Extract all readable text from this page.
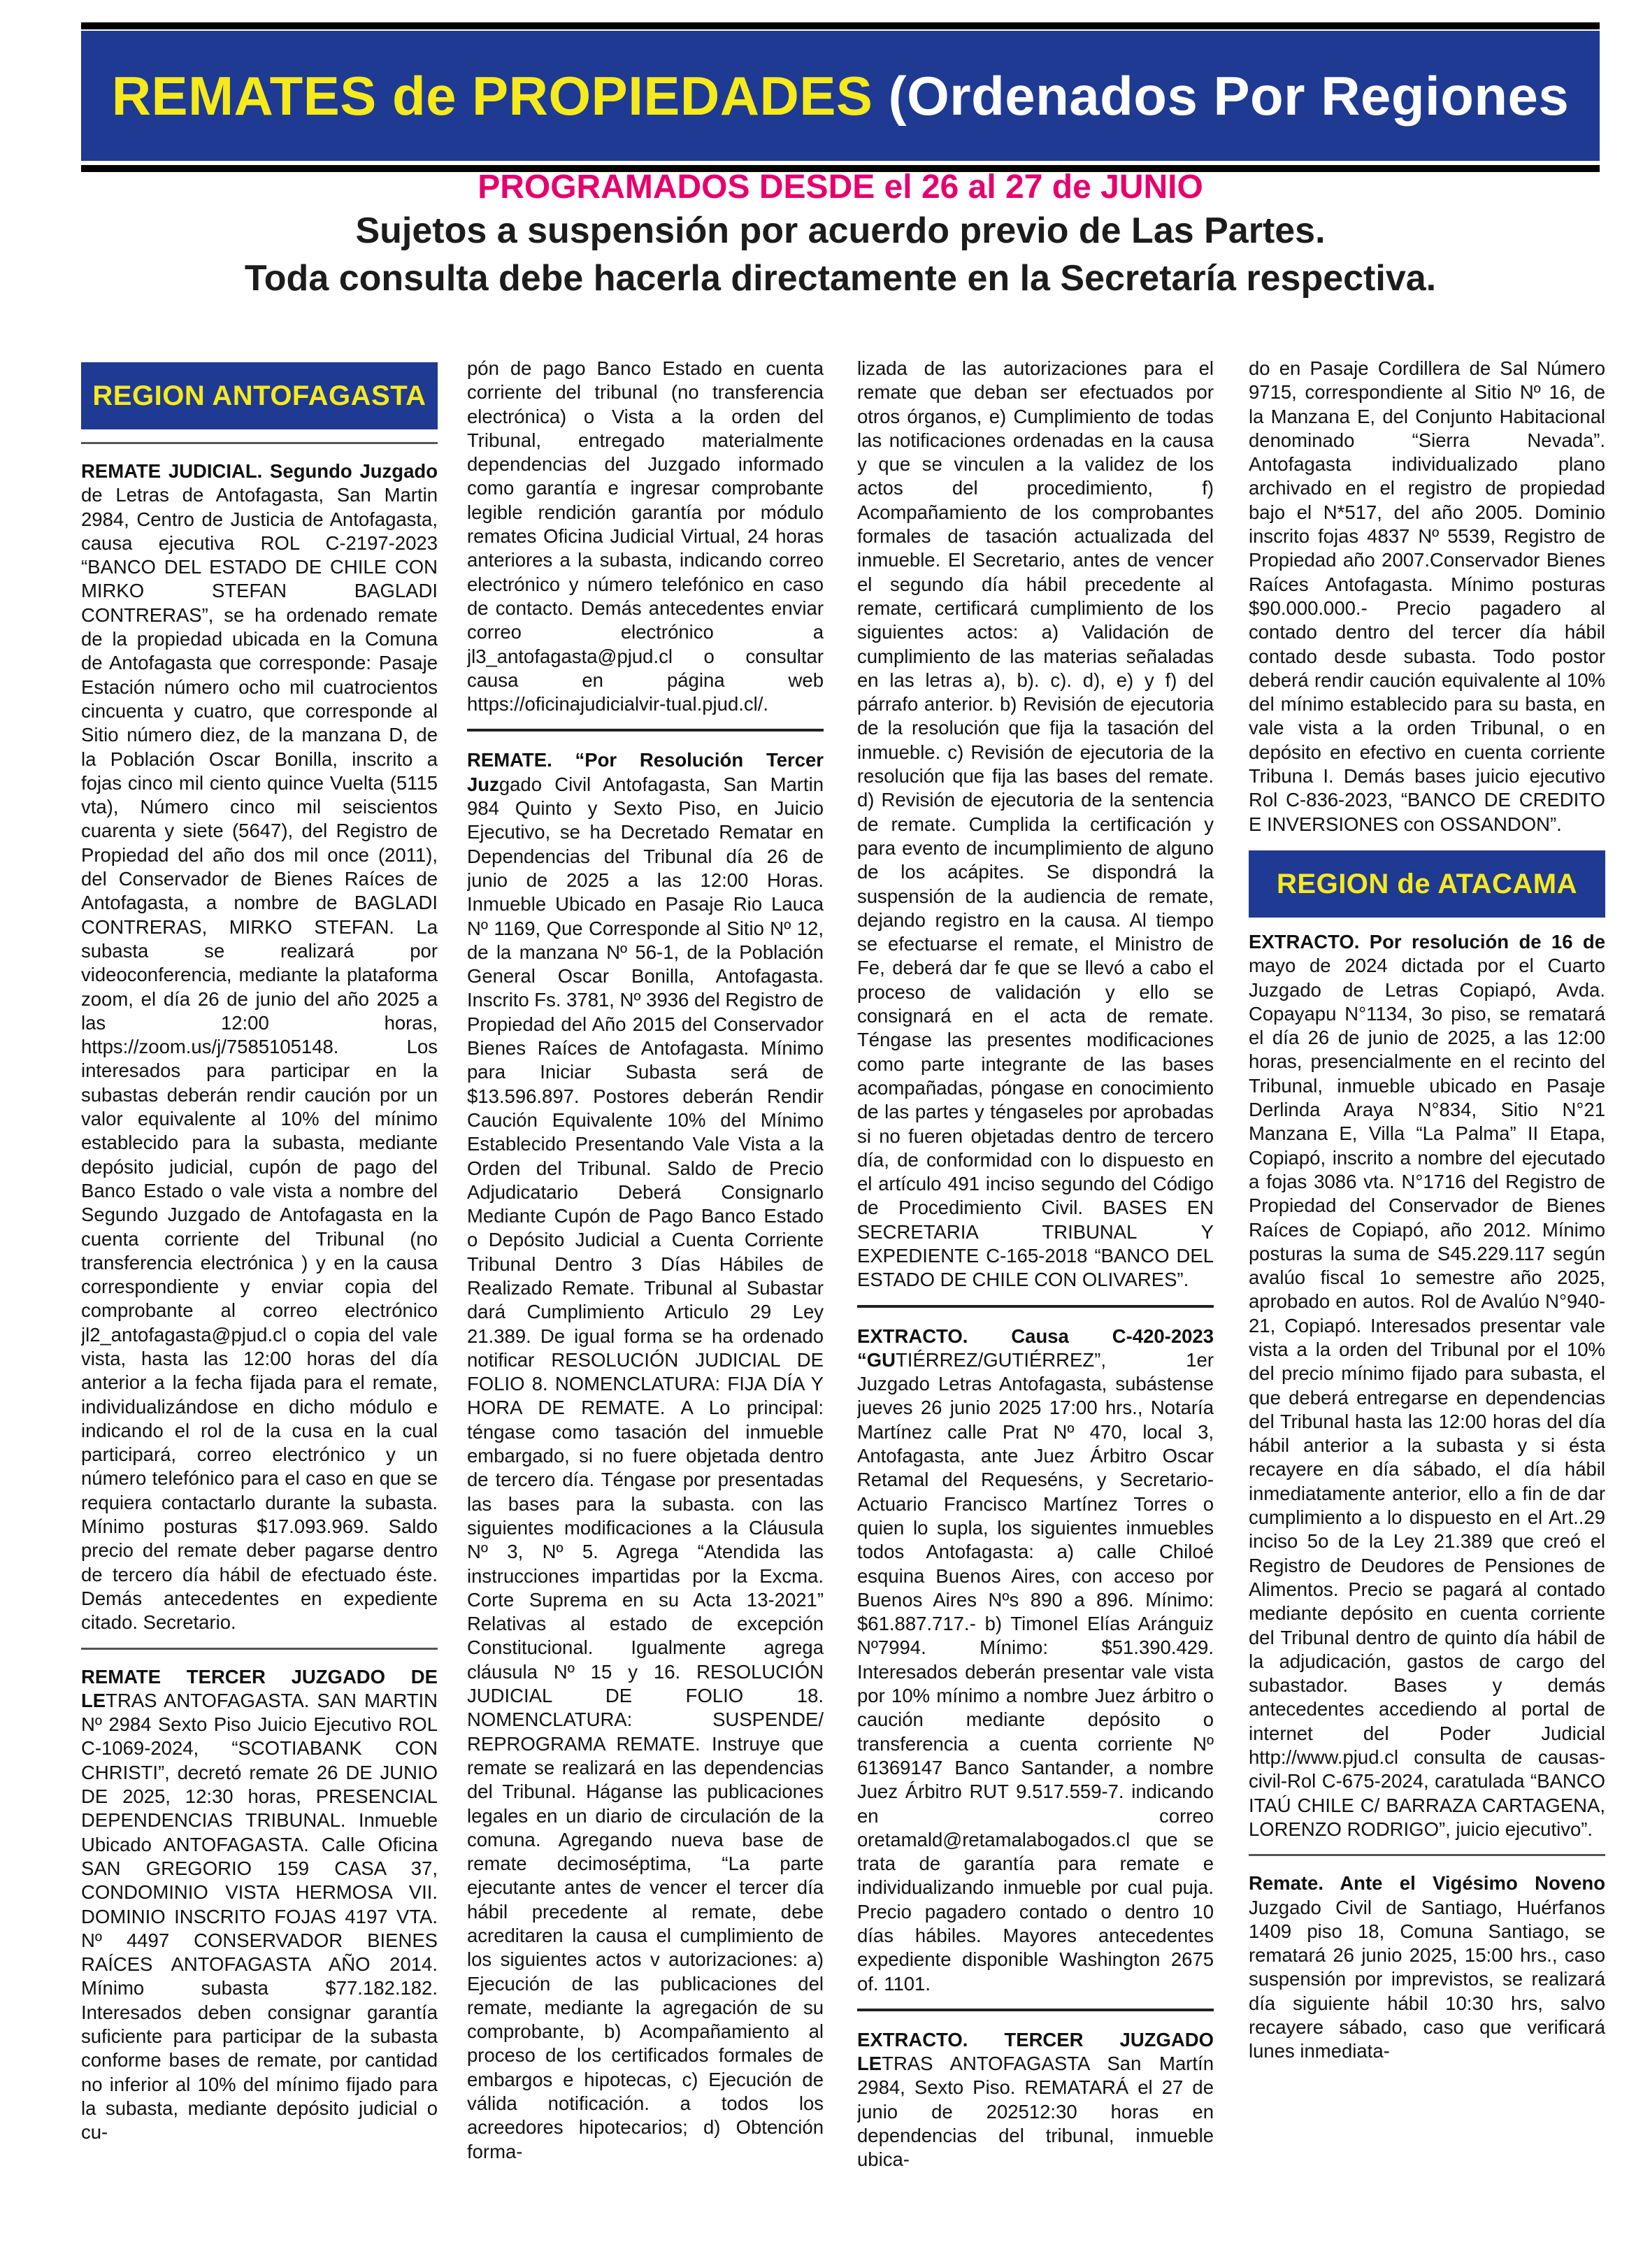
REMATES de PROPIEDADES (Ordenados Por Regiones
PROGRAMADOS DESDE el 26 al 27 de JUNIO
Sujetos a suspensión por acuerdo previo de Las Partes.
Toda consulta debe hacerla directamente en la Secretaría respectiva.
REGION ANTOFAGASTA

REMATE JUDICIAL. Segundo Juzgado de Letras de Antofagasta, San Martin 2984, Centro de Justicia de Antofagasta, causa ejecutiva ROL C-2197-2023 “BANCO DEL ESTADO DE CHILE CON MIRKO STEFAN BAGLADI CONTRERAS”, se ha ordenado remate de la propiedad ubicada en la Comuna de Antofagasta que corresponde: Pasaje Estación número ocho mil cuatrocientos cincuenta y cuatro, que corresponde al Sitio número diez, de la manzana D, de la Población Oscar Bonilla, inscrito a fojas cinco mil ciento quince Vuelta (5115 vta), Número cinco mil seiscientos cuarenta y siete (5647), del Registro de Propiedad del año dos mil once (2011), del Conservador de Bienes Raíces de Antofagasta, a nombre de BAGLADI CONTRERAS, MIRKO STEFAN. La subasta se realizará por videoconferencia, mediante la plataforma zoom, el día 26 de junio del año 2025 a las 12:00 horas, https://zoom.us/j/7585105148. Los interesados para participar en la subastas deberán rendir caución por un valor equivalente al 10% del mínimo establecido para la subasta, mediante depósito judicial, cupón de pago del Banco Estado o vale vista a nombre del Segundo Juzgado de Antofagasta en la cuenta corriente del Tribunal (no transferencia electrónica ) y en la causa correspondiente y enviar copia del comprobante al correo electrónico jl2_antofagasta@pjud.cl o copia del vale vista, hasta las 12:00 horas del día anterior a la fecha fijada para el remate, individualizándose en dicho módulo e indicando el rol de la cusa en la cual participará, correo electrónico y un número telefónico para el caso en que se requiera contactarlo durante la subasta. Mínimo posturas $17.093.969. Saldo precio del remate deber pagarse dentro de tercero día hábil de efectuado éste. Demás antecedentes en expediente citado. Secretario.

REMATE TERCER JUZGADO DE LETRAS ANTOFAGASTA. SAN MARTIN Nº 2984 Sexto Piso Juicio Ejecutivo ROL C-1069-2024, “SCOTIABANK CON CHRISTI”, decretó remate 26 DE JUNIO DE 2025, 12:30 horas, PRESENCIAL DEPENDENCIAS TRIBUNAL. Inmueble Ubicado ANTOFAGASTA. Calle Oficina SAN GREGORIO 159 CASA 37, CONDOMINIO VISTA HERMOSA VII. DOMINIO INSCRITO FOJAS 4197 VTA. Nº 4497 CONSERVADOR BIENES RAÍCES ANTOFAGASTA AÑO 2014. Mínimo subasta $77.182.182. Interesados deben consignar garantía suficiente para participar de la subasta conforme bases de remate, por cantidad no inferior al 10% del mínimo fijado para la subasta, mediante depósito judicial o cu-

pón de pago Banco Estado en cuenta corriente del tribunal (no transferencia electrónica) o Vista a la orden del Tribunal, entregado materialmente dependencias del Juzgado informado como garantía e ingresar comprobante legible rendición garantía por módulo remates Oficina Judicial Virtual, 24 horas anteriores a la subasta, indicando correo electrónico y número telefónico en caso de contacto. Demás antecedentes enviar correo electrónico a jl3_antofagasta@pjud.cl o consultar causa en página web https://oficinajudicialvir-tual.pjud.cl/.

REMATE. “Por Resolución Tercer Juzgado Civil Antofagasta, San Martin 984 Quinto y Sexto Piso, en Juicio Ejecutivo, se ha Decretado Rematar en Dependencias del Tribunal día 26 de junio de 2025 a las 12:00 Horas. Inmueble Ubicado en Pasaje Rio Lauca Nº 1169, Que Corresponde al Sitio Nº 12, de la manzana Nº 56-1, de la Población General Oscar Bonilla, Antofagasta. Inscrito Fs. 3781, Nº 3936 del Registro de Propiedad del Año 2015 del Conservador Bienes Raíces de Antofagasta. Mínimo para Iniciar Subasta será de $13.596.897. Postores deberán Rendir Caución Equivalente 10% del Mínimo Establecido Presentando Vale Vista a la Orden del Tribunal. Saldo de Precio Adjudicatario Deberá Consignarlo Mediante Cupón de Pago Banco Estado o Depósito Judicial a Cuenta Corriente Tribunal Dentro 3 Días Hábiles de Realizado Remate. Tribunal al Subastar dará Cumplimiento Articulo 29 Ley 21.389. De igual forma se ha ordenado notificar RESOLUCIÓN JUDICIAL DE FOLIO 8. NOMENCLATURA: FIJA DÍA Y HORA DE REMATE. A Lo principal: téngase como tasación del inmueble embargado, si no fuere objetada dentro de tercero día. Téngase por presentadas las bases para la subasta. con las siguientes modificaciones a la Cláusula Nº 3, Nº 5. Agrega “Atendida las instrucciones impartidas por la Excma. Corte Suprema en su Acta 13-2021” Relativas al estado de excepción Constitucional. Igualmente agrega cláusula Nº 15 y 16. RESOLUCIÓN JUDICIAL DE FOLIO 18. NOMENCLATURA: SUSPENDE/ REPROGRAMA REMATE. Instruye que remate se realizará en las dependencias del Tribunal. Háganse las publicaciones legales en un diario de circulación de la comuna. Agregando nueva base de remate decimoséptima, “La parte ejecutante antes de vencer el tercer día hábil precedente al remate, debe acreditaren la causa el cumplimiento de los siguientes actos v autorizaciones: a) Ejecución de las publicaciones del remate, mediante la agregación de su comprobante, b) Acompañamiento al proceso de los certificados formales de embargos e hipotecas, c) Ejecución de válida notificación. a todos los acreedores hipotecarios; d) Obtención forma-

lizada de las autorizaciones para el remate que deban ser efectuados por otros órganos, e) Cumplimiento de todas las notificaciones ordenadas en la causa y que se vinculen a la validez de los actos del procedimiento, f) Acompañamiento de los comprobantes formales de tasación actualizada del inmueble. El Secretario, antes de vencer el segundo día hábil precedente al remate, certificará cumplimiento de los siguientes actos: a) Validación de cumplimiento de las materias señaladas en las letras a), b). c). d), e) y f) del párrafo anterior. b) Revisión de ejecutoria de la resolución que fija la tasación del inmueble. c) Revisión de ejecutoria de la resolución que fija las bases del remate. d) Revisión de ejecutoria de la sentencia de remate. Cumplida la certificación y para evento de incumplimiento de alguno de los acápites. Se dispondrá la suspensión de la audiencia de remate, dejando registro en la causa. Al tiempo se efectuarse el remate, el Ministro de Fe, deberá dar fe que se llevó a cabo el proceso de validación y ello se consignará en el acta de remate. Téngase las presentes modificaciones como parte integrante de las bases acompañadas, póngase en conocimiento de las partes y téngaseles por aprobadas si no fueren objetadas dentro de tercero día, de conformidad con lo dispuesto en el artículo 491 inciso segundo del Código de Procedimiento Civil. BASES EN SECRETARIA TRIBUNAL Y EXPEDIENTE C-165-2018 “BANCO DEL ESTADO DE CHILE CON OLIVARES”.

EXTRACTO. Causa C-420-2023 “GUTIÉRREZ/GUTIÉRREZ”, 1er Juzgado Letras Antofagasta, subástense jueves 26 junio 2025 17:00 hrs., Notaría Martínez calle Prat Nº 470, local 3, Antofagasta, ante Juez Árbitro Oscar Retamal del Requeséns, y Secretario-Actuario Francisco Martínez Torres o quien lo supla, los siguientes inmuebles todos Antofagasta: a) calle Chiloé esquina Buenos Aires, con acceso por Buenos Aires Nºs 890 a 896. Mínimo: $61.887.717.- b) Timonel Elías Aránguiz Nº7994. Mínimo: $51.390.429. Interesados deberán presentar vale vista por 10% mínimo a nombre Juez árbitro o caución mediante depósito o transferencia a cuenta corriente Nº 61369147 Banco Santander, a nombre Juez Árbitro RUT 9.517.559-7. indicando en correo oretamald@retamalabogados.cl que se trata de garantía para remate e individualizando inmueble por cual puja. Precio pagadero contado o dentro 10 días hábiles. Mayores antecedentes expediente disponible Washington 2675 of. 1101.

EXTRACTO. TERCER JUZGADO LETRAS ANTOFAGASTA San Martín 2984, Sexto Piso. REMATARÁ el 27 de junio de 202512:30 horas en dependencias del tribunal, inmueble ubica-

do en Pasaje Cordillera de Sal Número 9715, correspondiente al Sitio Nº 16, de la Manzana E, del Conjunto Habitacional denominado “Sierra Nevada”. Antofagasta individualizado plano archivado en el registro de propiedad bajo el N*517, del año 2005. Dominio inscrito fojas 4837 Nº 5539, Registro de Propiedad año 2007.Conservador Bienes Raíces Antofagasta. Mínimo posturas $90.000.000.- Precio pagadero al contado dentro del tercer día hábil contado desde subasta. Todo postor deberá rendir caución equivalente al 10% del mínimo establecido para su basta, en vale vista a la orden Tribunal, o en depósito en efectivo en cuenta corriente Tribuna I. Demás bases juicio ejecutivo Rol C-836-2023, “BANCO DE CREDITO E INVERSIONES con OSSANDON”.

REGION de ATACAMA

EXTRACTO. Por resolución de 16 de mayo de 2024 dictada por el Cuarto Juzgado de Letras Copiapó, Avda. Copayapu N°1134, 3o piso, se rematará el día 26 de junio de 2025, a las 12:00 horas, presencialmente en el recinto del Tribunal, inmueble ubicado en Pasaje Derlinda Araya N°834, Sitio N°21 Manzana E, Villa “La Palma” II Etapa, Copiapó, inscrito a nombre del ejecutado a fojas 3086 vta. N°1716 del Registro de Propiedad del Conservador de Bienes Raíces de Copiapó, año 2012. Mínimo posturas la suma de S45.229.117 según avalúo fiscal 1o semestre año 2025, aprobado en autos. Rol de Avalúo N°940-21, Copiapó. Interesados presentar vale vista a la orden del Tribunal por el 10% del precio mínimo fijado para subasta, el que deberá entregarse en dependencias del Tribunal hasta las 12:00 horas del día hábil anterior a la subasta y si ésta recayere en día sábado, el día hábil inmediatamente anterior, ello a fin de dar cumplimiento a lo dispuesto en el Art..29 inciso 5o de la Ley 21.389 que creó el Registro de Deudores de Pensiones de Alimentos. Precio se pagará al contado mediante depósito en cuenta corriente del Tribunal dentro de quinto día hábil de la adjudicación, gastos de cargo del subastador. Bases y demás antecedentes accediendo al portal de internet del Poder Judicial http://www.pjud.cl consulta de causas-civil-Rol C-675-2024, caratulada “BANCO ITAÚ CHILE C/ BARRAZA CARTAGENA, LORENZO RODRIGO”, juicio ejecutivo”.

Remate. Ante el Vigésimo Noveno Juzgado Civil de Santiago, Huérfanos 1409 piso 18, Comuna Santiago, se rematará 26 junio 2025, 15:00 hrs., caso suspensión por imprevistos, se realizará día siguiente hábil 10:30 hrs, salvo recayere sábado, caso que verificará lunes inmediata-
